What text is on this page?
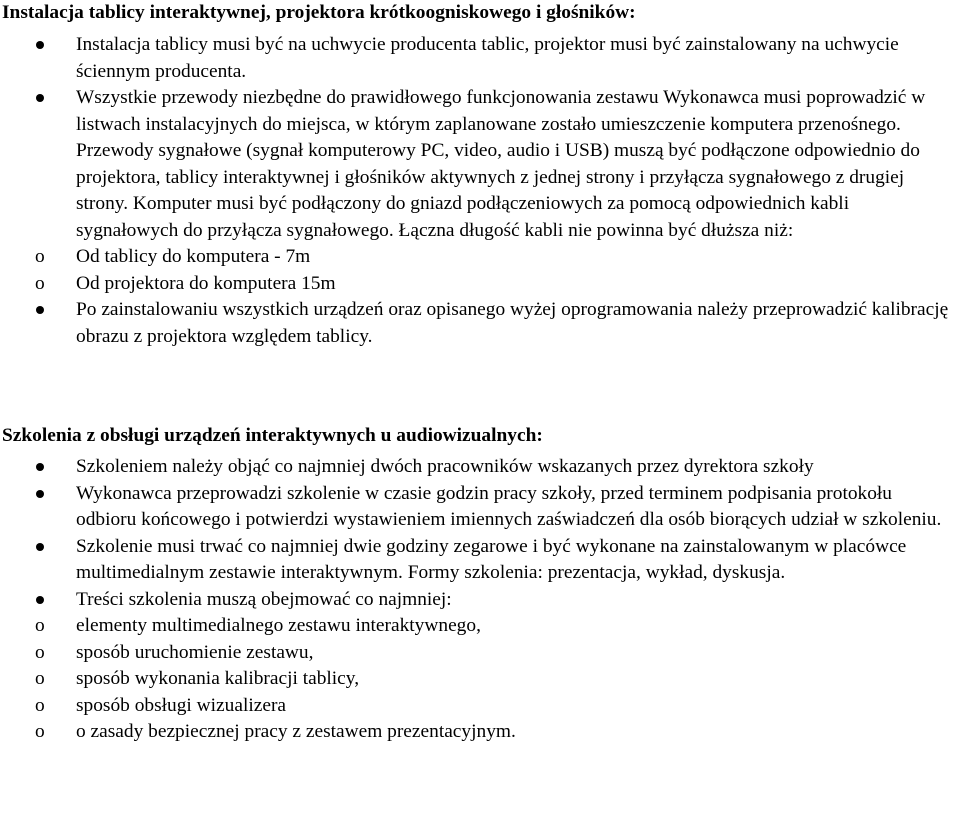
Instalacja tablicy interaktywnej, projektora krótkoogniskowego i głośników:
Instalacja tablicy musi być na uchwycie producenta tablic, projektor musi być zainstalowany na uchwycie ściennym producenta.
Wszystkie przewody niezbędne do prawidłowego funkcjonowania zestawu Wykonawca musi poprowadzić w listwach instalacyjnych do miejsca, w którym zaplanowane zostało umieszczenie komputera przenośnego. Przewody sygnałowe (sygnał komputerowy PC, video, audio i USB) muszą być podłączone odpowiednio do projektora, tablicy interaktywnej i głośników aktywnych z jednej strony i przyłącza sygnałowego z drugiej strony. Komputer musi być podłączony do gniazd podłączeniowych za pomocą odpowiednich kabli sygnałowych do przyłącza sygnałowego. Łączna długość kabli nie powinna być dłuższa niż:
o Od tablicy do komputera - 7m
o Od projektora do komputera 15m
Po zainstalowaniu wszystkich urządzeń oraz opisanego wyżej oprogramowania należy przeprowadzić kalibrację obrazu z projektora względem tablicy.
Szkolenia z obsługi urządzeń interaktywnych u audiowizualnych:
Szkoleniem należy objąć co najmniej dwóch pracowników wskazanych przez dyrektora szkoły
Wykonawca przeprowadzi szkolenie w czasie godzin pracy szkoły, przed terminem podpisania protokołu odbioru końcowego i potwierdzi wystawieniem imiennych zaświadczeń dla osób biorących udział w szkoleniu.
Szkolenie musi trwać co najmniej dwie godziny zegarowe i być wykonane na zainstalowanym w placówce multimedialnym zestawie interaktywnym. Formy szkolenia: prezentacja, wykład, dyskusja.
Treści szkolenia muszą obejmować co najmniej:
o elementy multimedialnego zestawu interaktywnego,
o sposób uruchomienie zestawu,
o sposób wykonania kalibracji tablicy,
o sposób obsługi wizualizera
o o zasady bezpiecznej pracy z zestawem prezentacyjnym.
